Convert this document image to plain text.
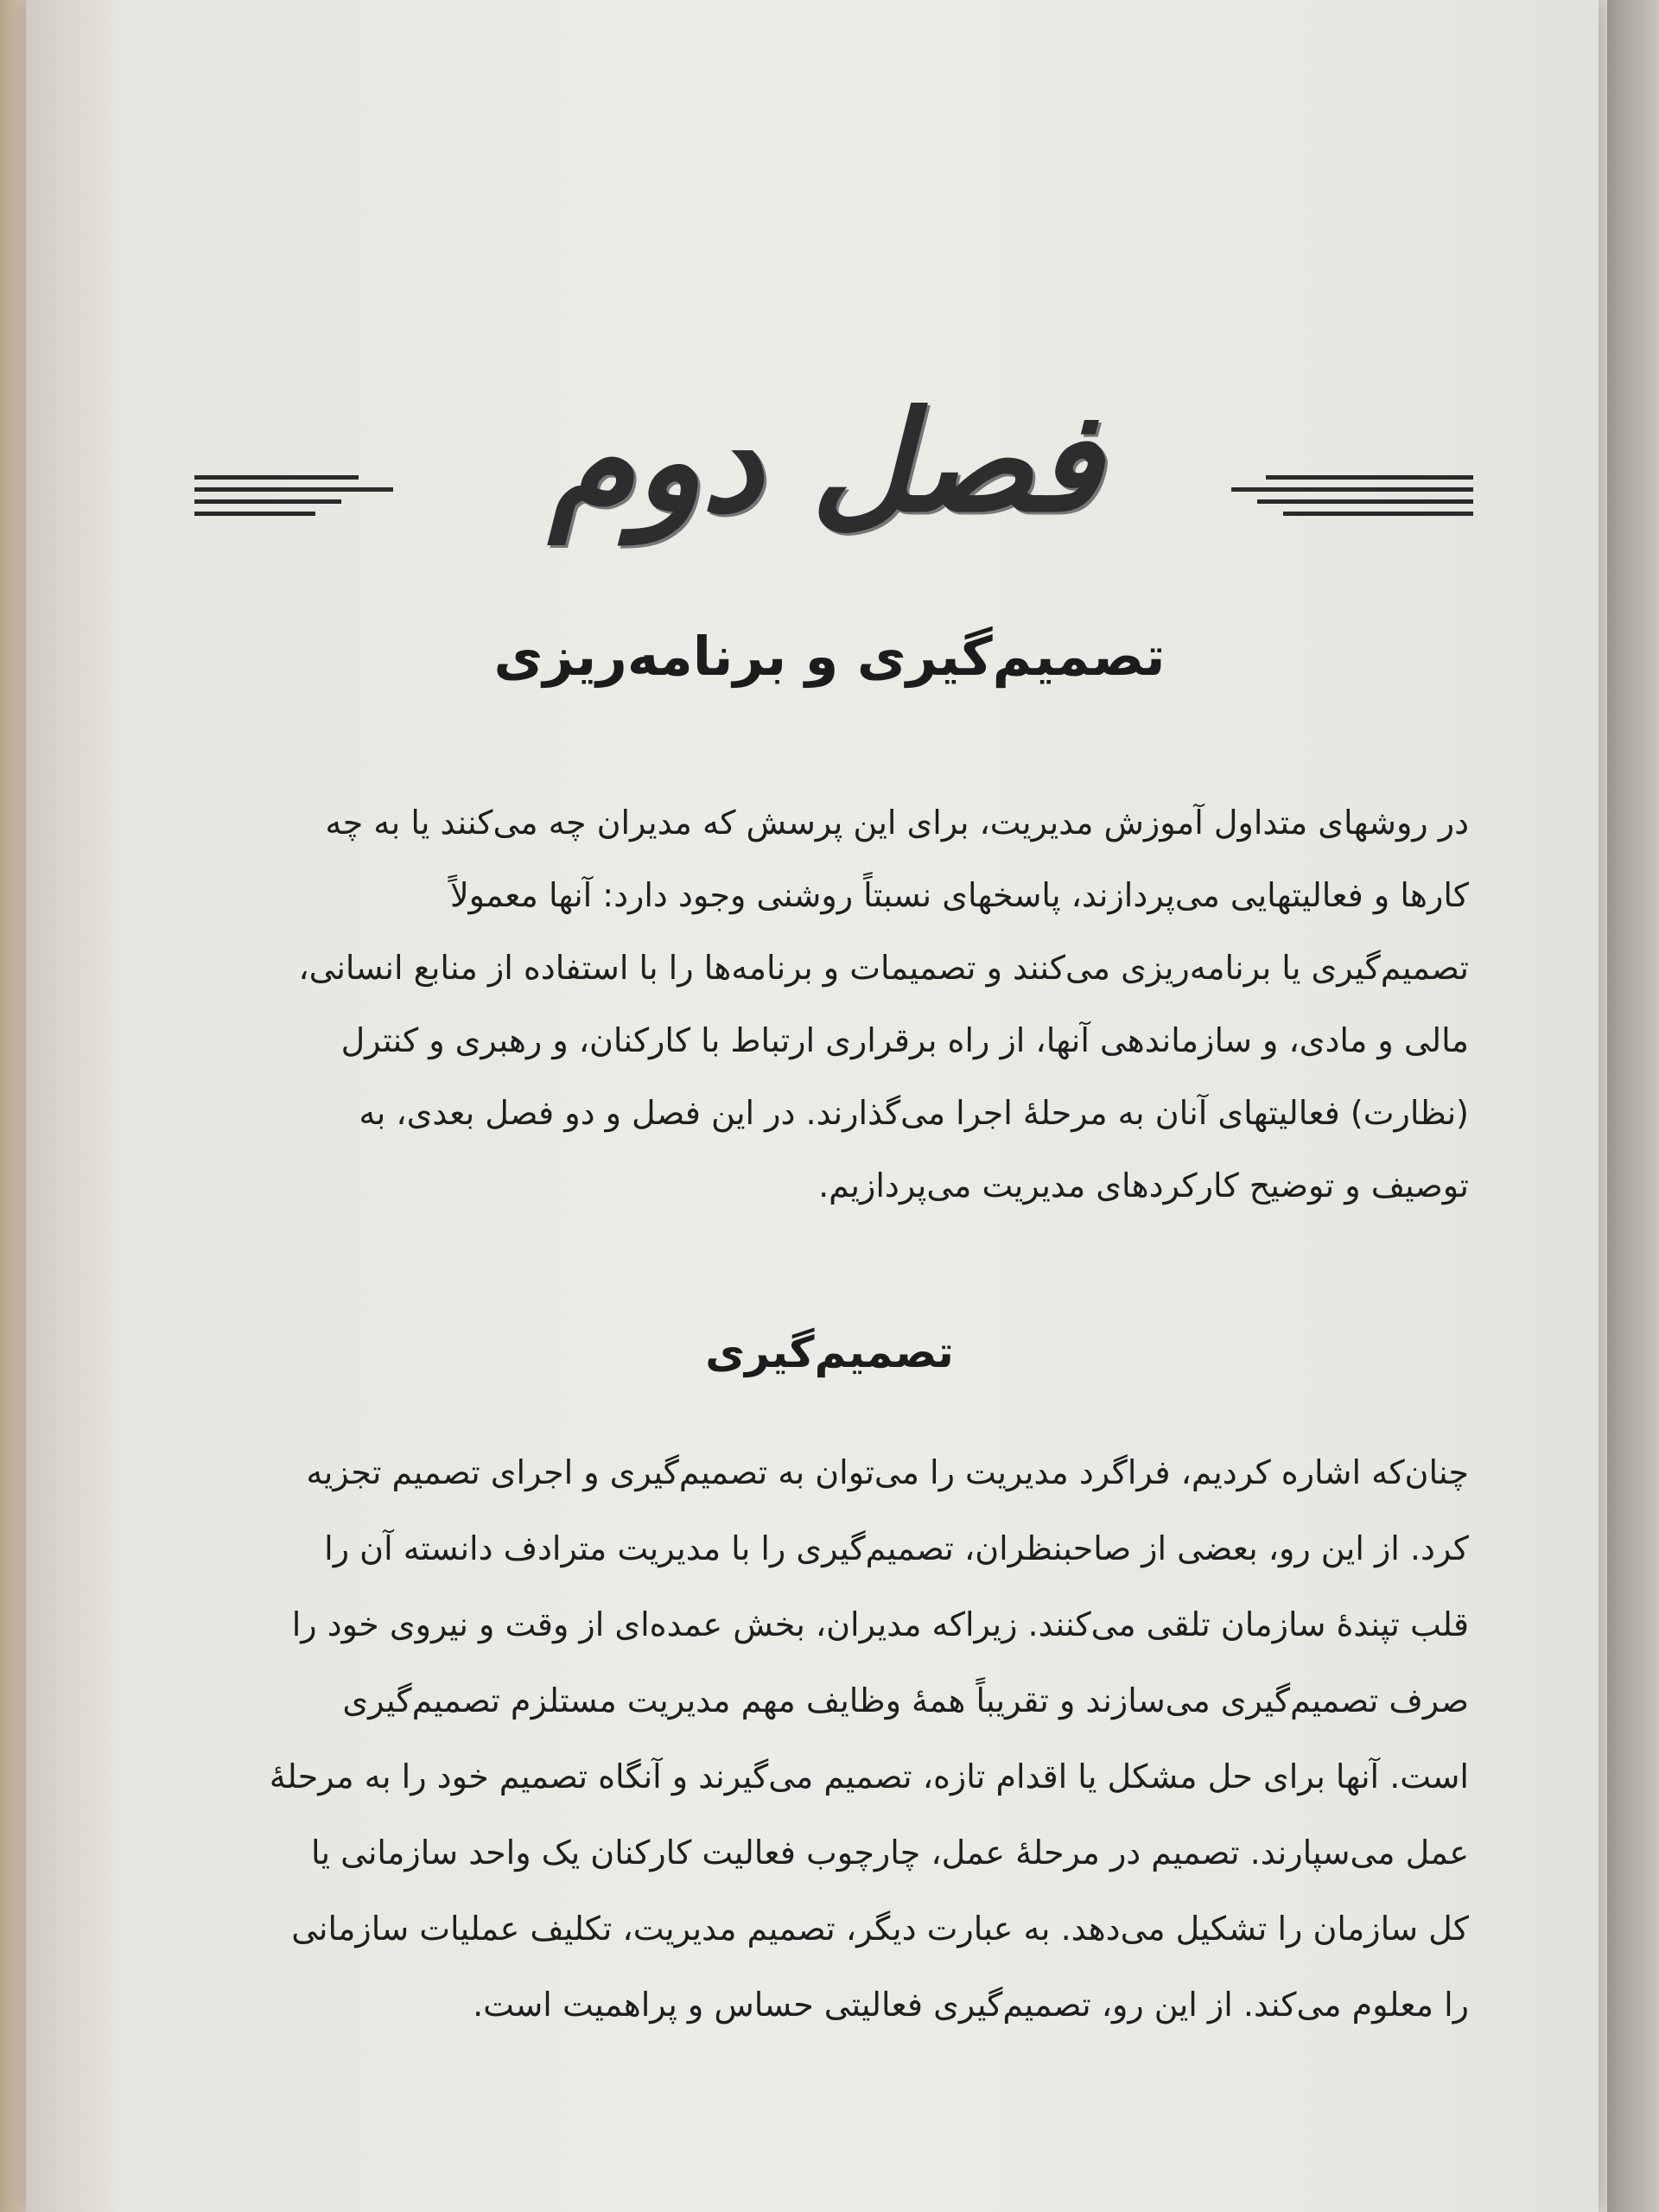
فصل دوم
تصمیم‌گیری و برنامه‌ریزی
در روشهای متداول آموزش مدیریت، برای این پرسش که مدیران چه می‌کنند یا به چه
کارها و فعالیتهایی می‌پردازند، پاسخهای نسبتاً روشنی وجود دارد: آنها معمولاً
تصمیم‌گیری یا برنامه‌ریزی می‌کنند و تصمیمات و برنامه‌ها را با استفاده از منابع انسانی،
مالی و مادی، و سازماندهی آنها، از راه برقراری ارتباط با کارکنان، و رهبری و کنترل
(نظارت) فعالیتهای آنان به مرحلهٔ اجرا می‌گذارند. در این فصل و دو فصل بعدی، به
توصیف و توضیح کارکردهای مدیریت می‌پردازیم.
تصمیم‌گیری
چنان‌که اشاره کردیم، فراگرد مدیریت را می‌توان به تصمیم‌گیری و اجرای تصمیم تجزیه
کرد. از این رو، بعضی از صاحبنظران، تصمیم‌گیری را با مدیریت مترادف دانسته آن را
قلب تپندهٔ سازمان تلقی می‌کنند. زیراکه مدیران، بخش عمده‌ای از وقت و نیروی خود را
صرف تصمیم‌گیری می‌سازند و تقریباً همهٔ وظایف مهم مدیریت مستلزم تصمیم‌گیری
است. آنها برای حل مشکل یا اقدام تازه، تصمیم می‌گیرند و آنگاه تصمیم خود را به مرحلهٔ
عمل می‌سپارند. تصمیم در مرحلهٔ عمل، چارچوب فعالیت کارکنان یک واحد سازمانی یا
کل سازمان را تشکیل می‌دهد. به عبارت دیگر، تصمیم مدیریت، تکلیف عملیات سازمانی
را معلوم می‌کند. از این رو، تصمیم‌گیری فعالیتی حساس و پراهمیت است.
